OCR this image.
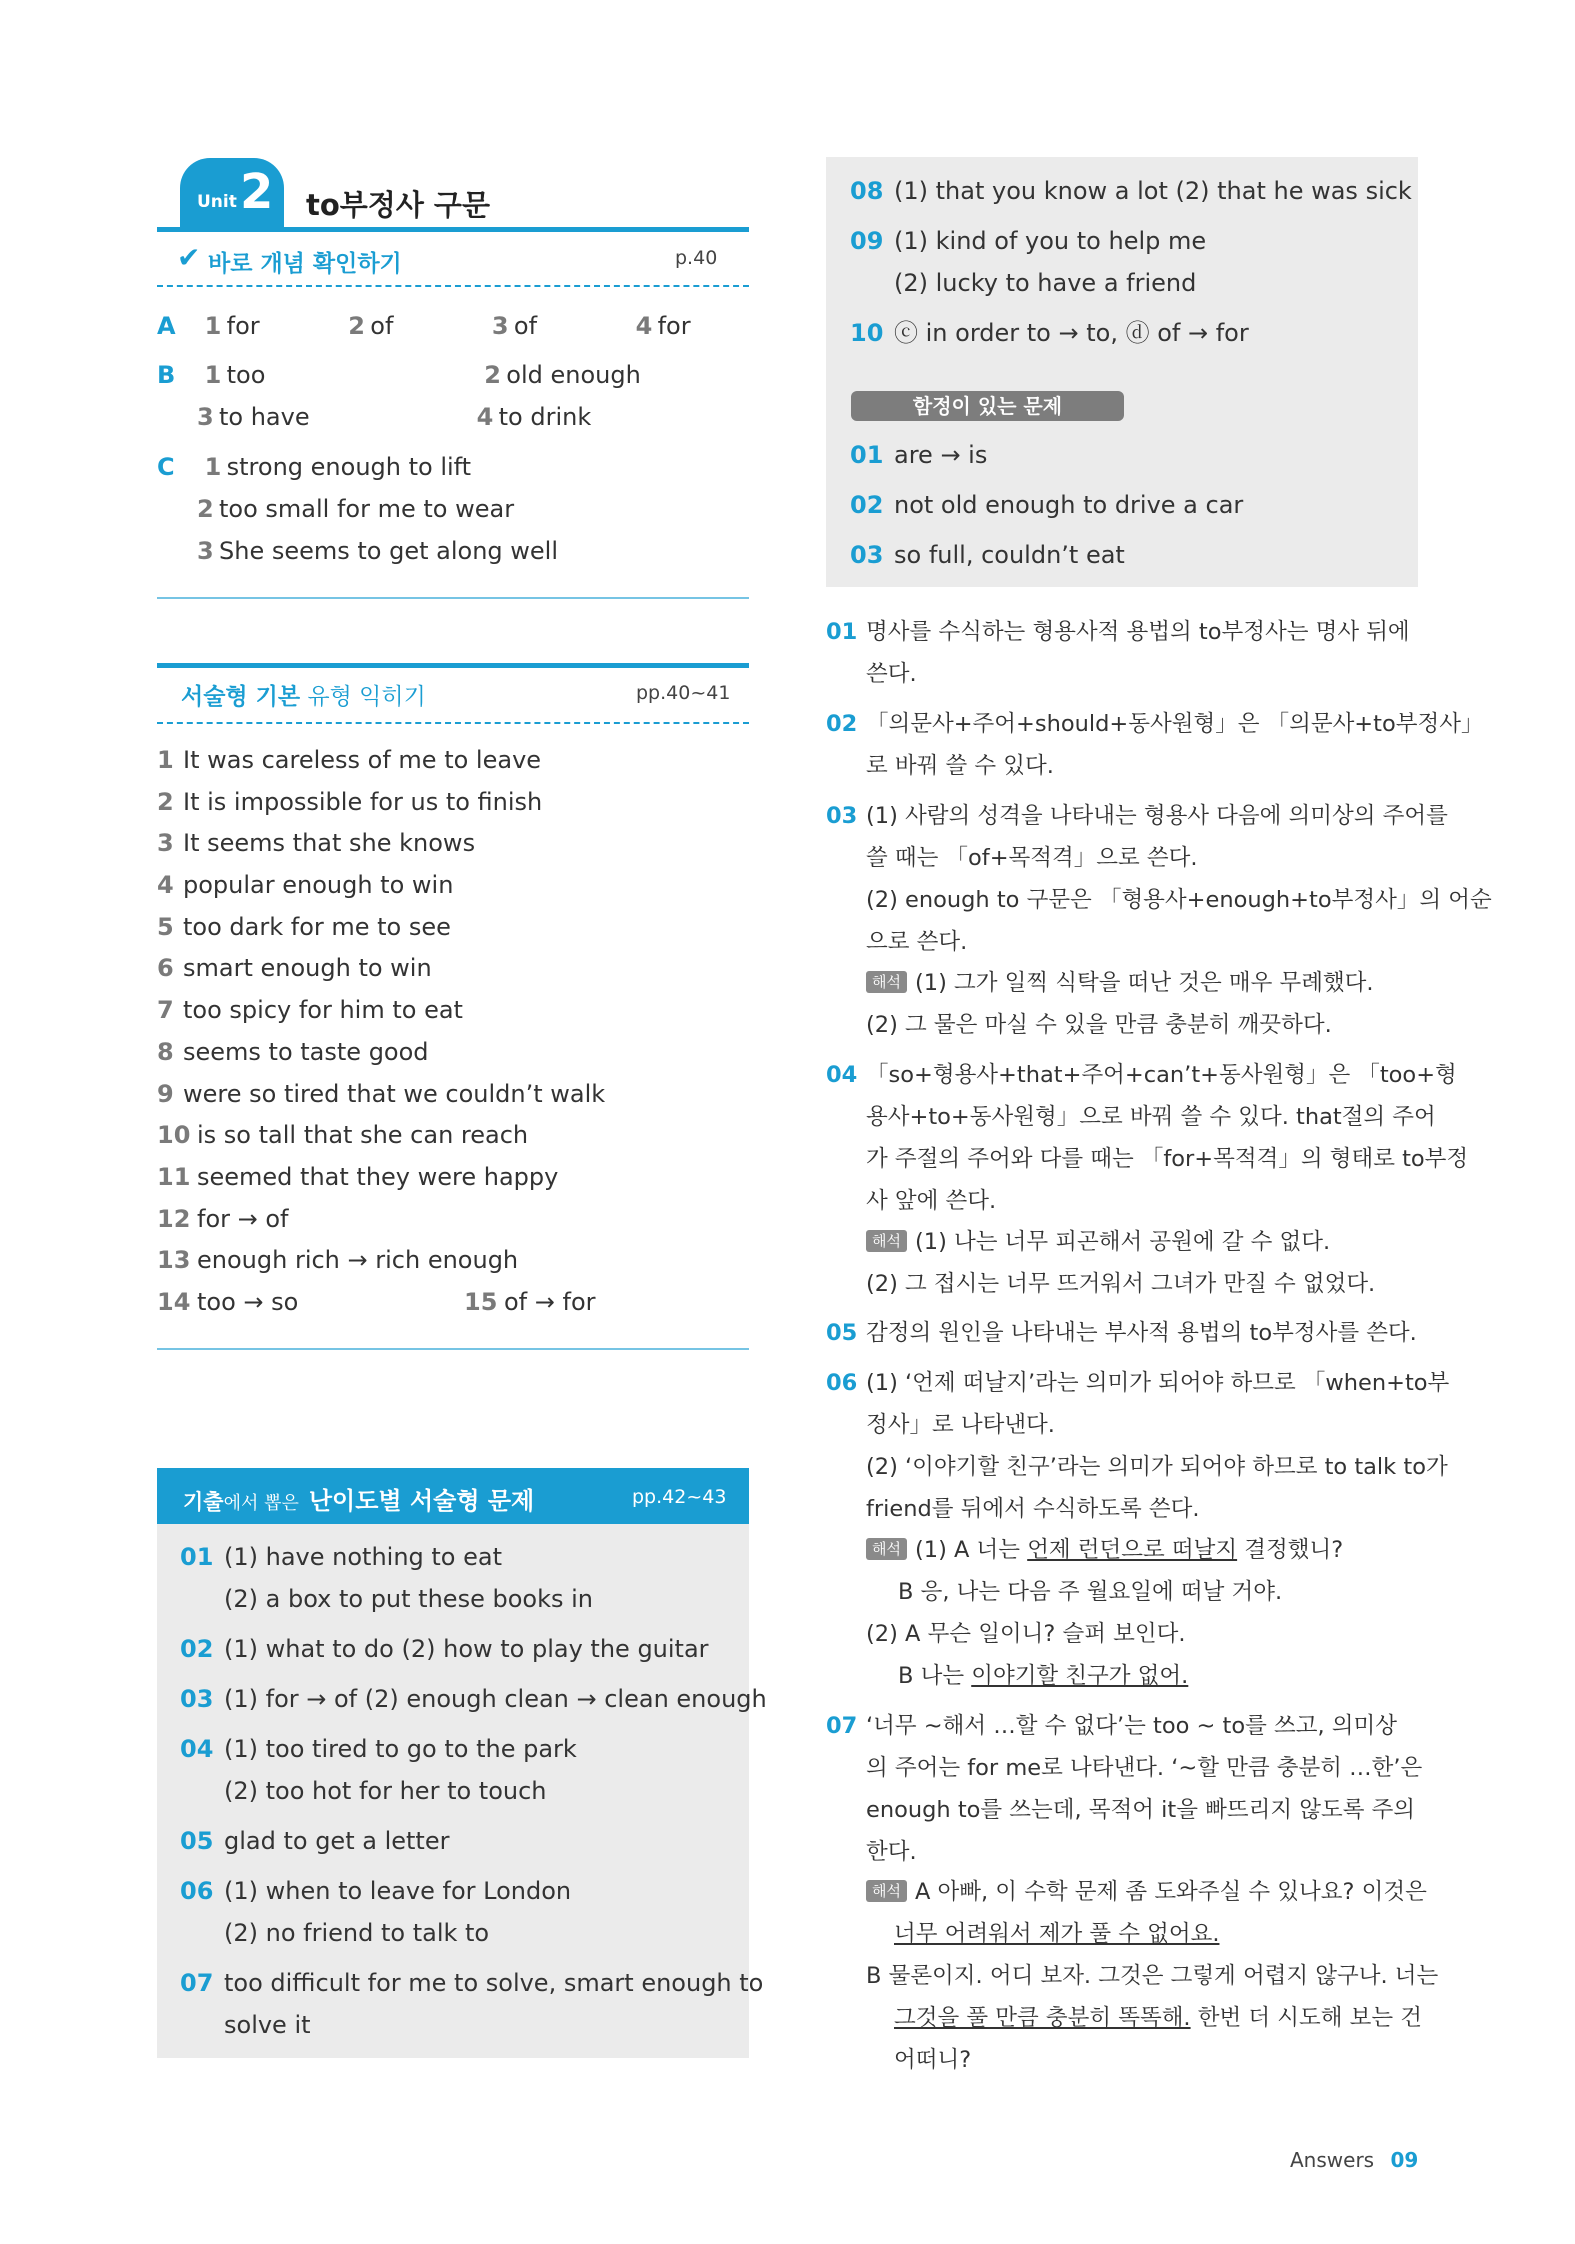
Unit 2 to부정사 구문
✔ 바로 개념 확인하기	p.40
A 1 for	2 of	3 of	4 for
B 1 too	2 old enough
3 to have	4 to drink
C 1 strong enough to lift
2 too small for me to wear
3 She seems to get along well
서술형 기본 유형 익히기	pp.40~41
1 It was careless of me to leave
2 It is impossible for us to finish
3 It seems that she knows
4 popular enough to win
5 too dark for me to see
6 smart enough to win
7 too spicy for him to eat
8 seems to taste good
9 were so tired that we couldn’t walk
10 is so tall that she can reach
11 seemed that they were happy
12 for → of
13 enough rich → rich enough
14 too → so	15 of → for
기출에서 뽑은 난이도별 서술형 문제	pp.42~43
01 (1) have nothing to eat
(2) a box to put these books in
02 (1) what to do (2) how to play the guitar
03 (1) for → of (2) enough clean → clean enough
04 (1) too tired to go to the park
(2) too hot for her to touch
05 glad to get a letter
06 (1) when to leave for London
(2) no friend to talk to
07 too difficult for me to solve, smart enough to
solve it
08 (1) that you know a lot (2) that he was sick
09 (1) kind of you to help me
(2) lucky to have a friend
10 ⓒ in order to → to, ⓓ of → for
함정이 있는 문제
01 are → is
02 not old enough to drive a car
03 so full, couldn’t eat
01 명사를 수식하는 형용사적 용법의 to부정사는 명사 뒤에
쓴다.
02 「의문사+주어+should+동사원형」은 「의문사+to부정사」
로 바꿔 쓸 수 있다.
03 (1) 사람의 성격을 나타내는 형용사 다음에 의미상의 주어를
쓸 때는 「of+목적격」으로 쓴다.
(2) enough to 구문은 「형용사+enough+to부정사」의 어순
으로 쓴다.
해석 (1) 그가 일찍 식탁을 떠난 것은 매우 무례했다.
(2) 그 물은 마실 수 있을 만큼 충분히 깨끗하다.
04 「so+형용사+that+주어+can’t+동사원형」은 「too+형
용사+to+동사원형」으로 바꿔 쓸 수 있다. that절의 주어
가 주절의 주어와 다를 때는 「for+목적격」의 형태로 to부정
사 앞에 쓴다.
해석 (1) 나는 너무 피곤해서 공원에 갈 수 없다.
(2) 그 접시는 너무 뜨거워서 그녀가 만질 수 없었다.
05 감정의 원인을 나타내는 부사적 용법의 to부정사를 쓴다.
06 (1) ‘언제 떠날지’라는 의미가 되어야 하므로 「when+to부
정사」로 나타낸다.
(2) ‘이야기할 친구’라는 의미가 되어야 하므로 to talk to가
friend를 뒤에서 수식하도록 쓴다.
해석 (1) A 너는 언제 런던으로 떠날지 결정했니?
B 응, 나는 다음 주 월요일에 떠날 거야.
(2) A 무슨 일이니? 슬퍼 보인다.
B 나는 이야기할 친구가 없어.
07 ‘너무 ~해서 …할 수 없다’는 too ~ to를 쓰고, 의미상
의 주어는 for me로 나타낸다. ‘~할 만큼 충분히 …한’은
enough to를 쓰는데, 목적어 it을 빠뜨리지 않도록 주의
한다.
해석 A 아빠, 이 수학 문제 좀 도와주실 수 있나요? 이것은
너무 어려워서 제가 풀 수 없어요.
B 물론이지. 어디 보자. 그것은 그렇게 어렵지 않구나. 너는
그것을 풀 만큼 충분히 똑똑해. 한번 더 시도해 보는 건
어떠니?
Answers 09
